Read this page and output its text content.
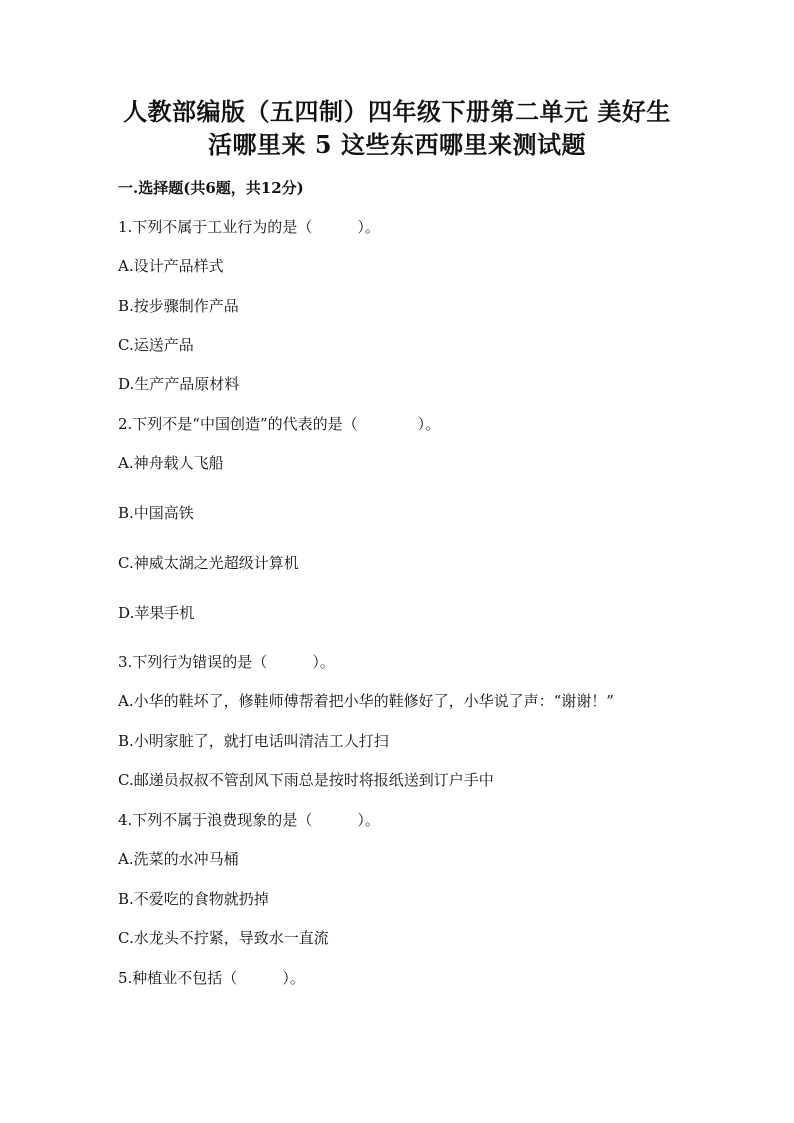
人教部编版（五四制）四年级下册第二单元 美好生
活哪里来 5 这些东西哪里来测试题
一.选择题(共6题，共12分)
1.下列不属于工业行为的是（　　　）。
A.设计产品样式
B.按步骤制作产品
C.运送产品
D.生产产品原材料
2.下列不是“中国创造”的代表的是（　　　　）。
A.神舟载人飞船
B.中国高铁
C.神威太湖之光超级计算机
D.苹果手机
3.下列行为错误的是（　　　）。
A.小华的鞋坏了，修鞋师傅帮着把小华的鞋修好了，小华说了声：“谢谢！”
B.小明家脏了，就打电话叫清洁工人打扫
C.邮递员叔叔不管刮风下雨总是按时将报纸送到订户手中
4.下列不属于浪费现象的是（　　　）。
A.洗菜的水冲马桶
B.不爱吃的食物就扔掉
C.水龙头不拧紧，导致水一直流
5.种植业不包括（　　　）。
